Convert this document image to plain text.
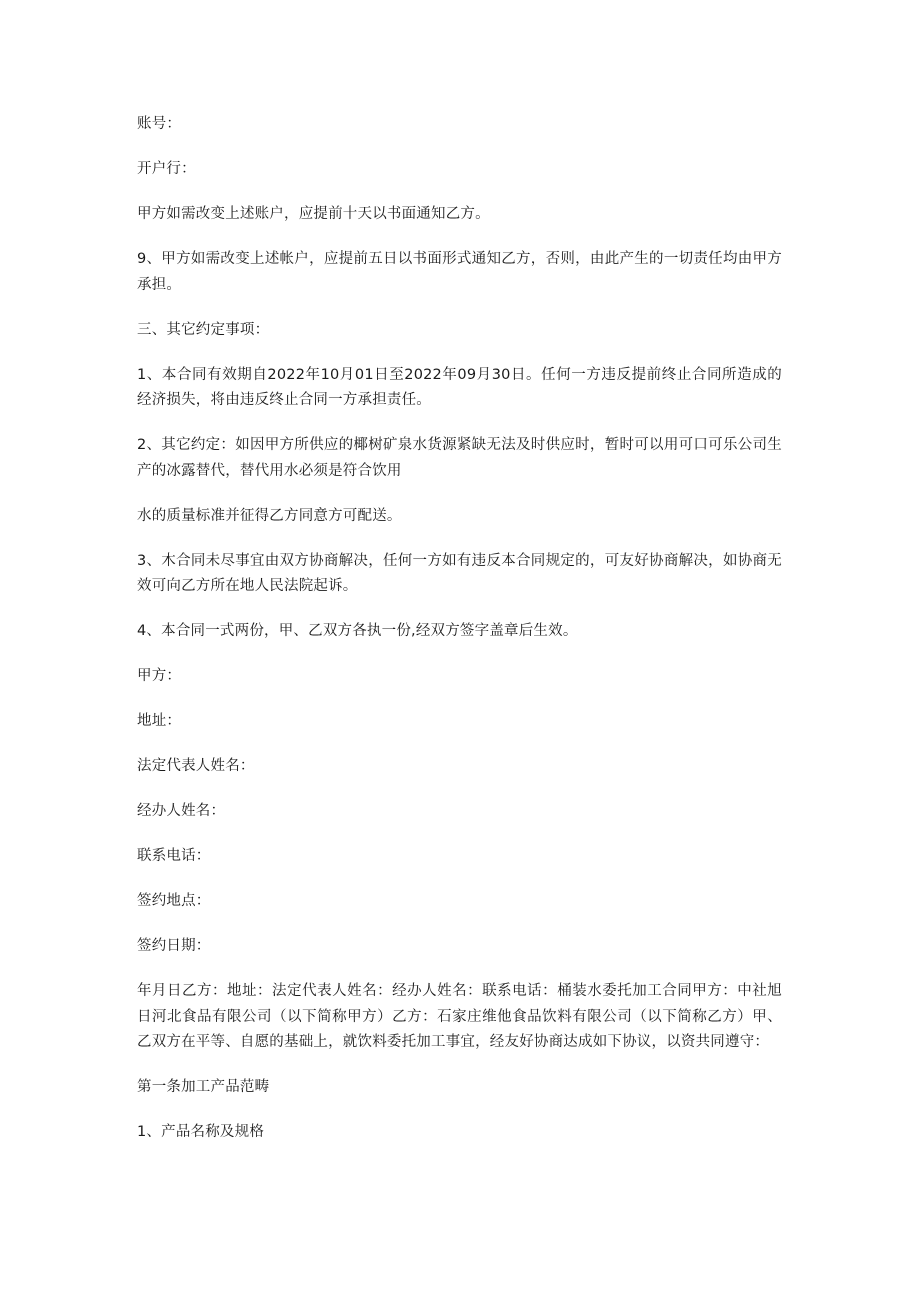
账号：

开户行：

甲方如需改变上述账户，应提前十天以书面通知乙方。

9、甲方如需改变上述帐户，应提前五日以书面形式通知乙方，否则，由此产生的一切责任均由甲方承担。

三、其它约定事项：

1、本合同有效期自2022年10月01日至2022年09月30日。任何一方违反提前终止合同所造成的经济损失，将由违反终止合同一方承担责任。

2、其它约定：如因甲方所供应的椰树矿泉水货源紧缺无法及时供应时，暂时可以用可口可乐公司生产的冰露替代，替代用水必须是符合饮用

水的质量标准并征得乙方同意方可配送。

3、木合同未尽事宜由双方协商解决，任何一方如有违反本合同规定的，可友好协商解决，如协商无效可向乙方所在地人民法院起诉。

4、本合同一式两份，甲、乙双方各执一份,经双方签字盖章后生效。

甲方：

地址：

法定代表人姓名：

经办人姓名：

联系电话：

签约地点：

签约日期：

年月日乙方：地址：法定代表人姓名：经办人姓名：联系电话：桶装水委托加工合同甲方：中社旭日河北食品有限公司（以下简称甲方）乙方：石家庄维他食品饮料有限公司（以下简称乙方）甲、乙双方在平等、自愿的基础上，就饮料委托加工事宜，经友好协商达成如下协议，以资共同遵守：

第一条加工产品范畴

1、产品名称及规格
